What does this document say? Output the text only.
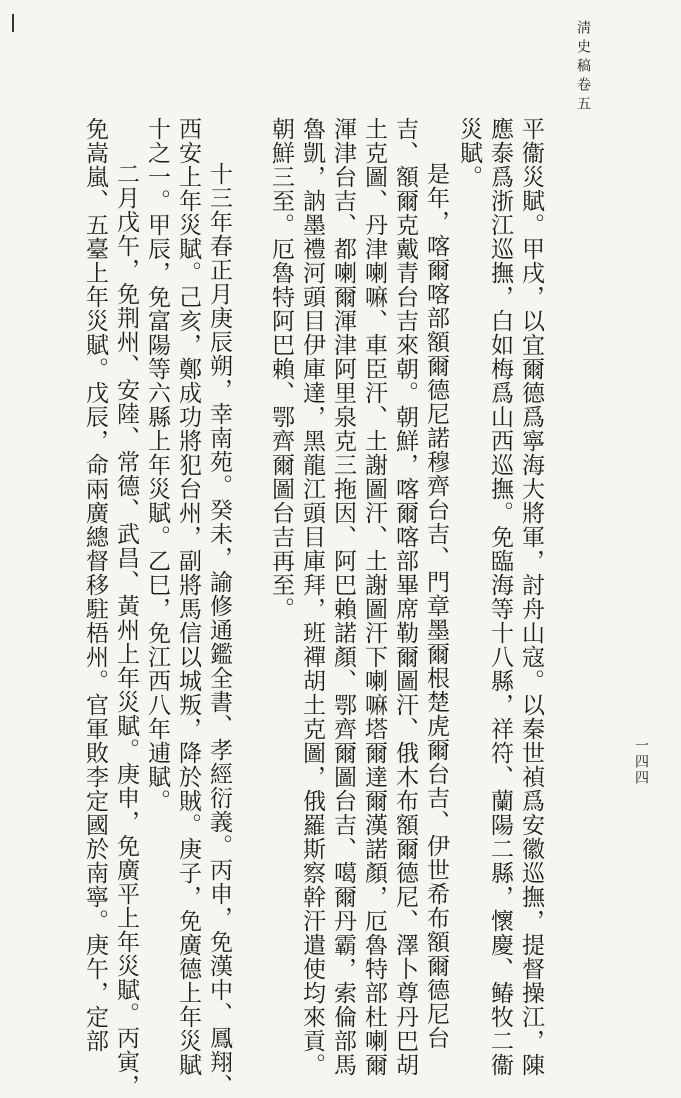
淸史稿卷五
一四四
平衞災賦。甲戌，以宜爾德爲寧海大將軍，討舟山寇。以秦世禎爲安徽巡撫，提督操江，陳
應泰爲浙江巡撫，白如梅爲山西巡撫。免臨海等十八縣，祥符、蘭陽二縣，懷慶、䲠牧二衞
災賦。
是年，喀爾喀部額爾德尼諾穆齊台吉、門章墨爾根楚虎爾台吉、伊世希布額爾德尼台
吉、額爾克戴青台吉來朝。朝鮮，喀爾喀部畢席勒爾圖汗、俄木布額爾德尼、澤卜尊丹巴胡
土克圖、丹津喇嘛、車臣汗、土謝圖汗、土謝圖汗下喇嘛塔爾達爾漢諾顏，厄魯特部杜喇爾
渾津台吉、都喇爾渾津阿里泉克三拖因、阿巴賴諾顏、鄂齊爾圖台吉、噶爾丹霸，索倫部馬
魯凱，訥墨禮河頭目伊庫達，黑龍江頭目庫拜，班禪胡土克圖，俄羅斯察幹汗遣使均來貢。
朝鮮三至。厄魯特阿巴賴、鄂齊爾圖台吉再至。
十三年春正月庚辰朔，幸南苑。癸未，諭修通鑑全書、孝經衍義。丙申，免漢中、鳳翔、
西安上年災賦。己亥，鄭成功將犯台州，副將馬信以城叛，降於賊。庚子，免廣德上年災賦
十之一。甲辰，免富陽等六縣上年災賦。乙巳，免江西八年逋賦。
二月戊午，免荆州、安陸、常德、武昌、黃州上年災賦。庚申，免廣平上年災賦。丙寅，
免嵩嵐、五臺上年災賦。戊辰，命兩廣總督移駐梧州。官軍敗李定國於南寧。庚午，定部
